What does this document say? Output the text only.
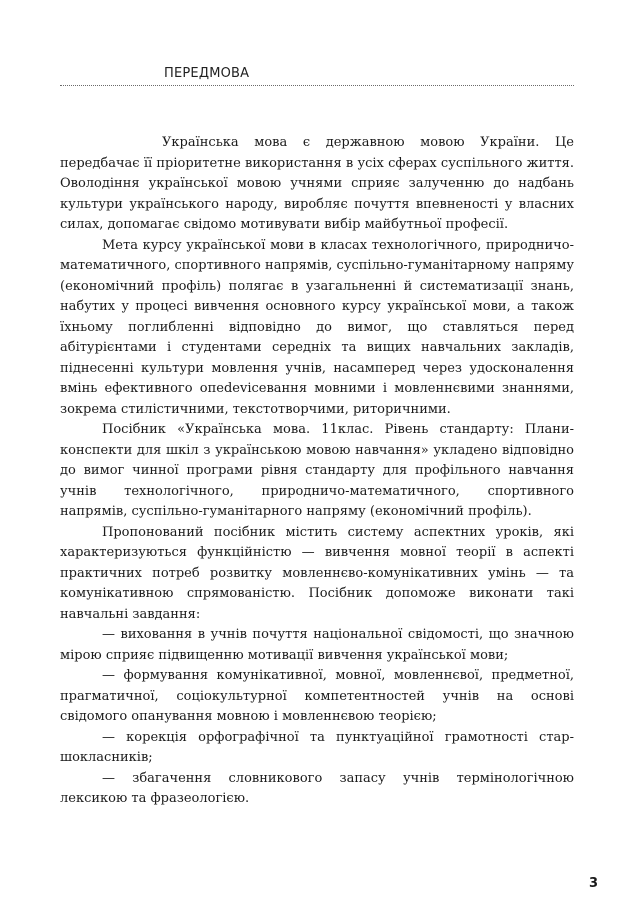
ПЕРЕДМОВА

Українська мова є державною мовою України. Це передбачає її пріоритетне використання в усіх сферах суспільного життя. Оволодіння української мовою учнями сприяє залученню до надбань культури українського народу, виробляє почуття впевненості у власних силах, допомагає свідомо мотивувати вибір майбутньої професії.

Мета курсу української мови в класах технологічного, природничо-математичного, спортивного напрямів, суспільно-гуманітарному напряму (економічний профіль) полягає в узагальненні й систематизації знань, набутих у процесі вивчення основного курсу української мови, а також їхньому поглибленні відповідно до вимог, що ставляться перед абітурієнтами і студентами середніх та вищих навчальних закладів, піднесенні культури мовлення учнів, насамперед через удосконалення вмінь ефективного опеdeviceвання мовними і мовленнєвими знаннями, зокрема стилістичними, текстотворчими, риторичними.

Посібник «Українська мова. 11клас. Рівень стандарту: Плани-конспекти для шкіл з українською мовою навчання» укладено відповідно до вимог чинної програми рівня стандарту для профільного навчання учнів технологічного, природничо-математичного, спортивного напрямів, суспільно-гуманітарного напряму (економічний профіль).

Пропонований посібник містить систему аспектних уроків, які характеризуються функційністю — вивчення мовної теорії в аспекті практичних потреб розвитку мовленнєво-комунікативних умінь — та комунікативною спрямованістю. Посібник допоможе виконати такі навчальні завдання:

— виховання в учнів почуття національної свідомості, що значною мірою сприяє підвищенню мотивації вивчення української мови;

— формування комунікативної, мовної, мовленнєвої, предметної, прагматичної, соціокультурної компетентностей учнів на основі свідомого опанування мовною і мовленнєвою теорією;

— корекція орфографічної та пунктуаційної грамотності старшокласників;

— збагачення словникового запасу учнів термінологічною лексикою та фразеологією.

3
